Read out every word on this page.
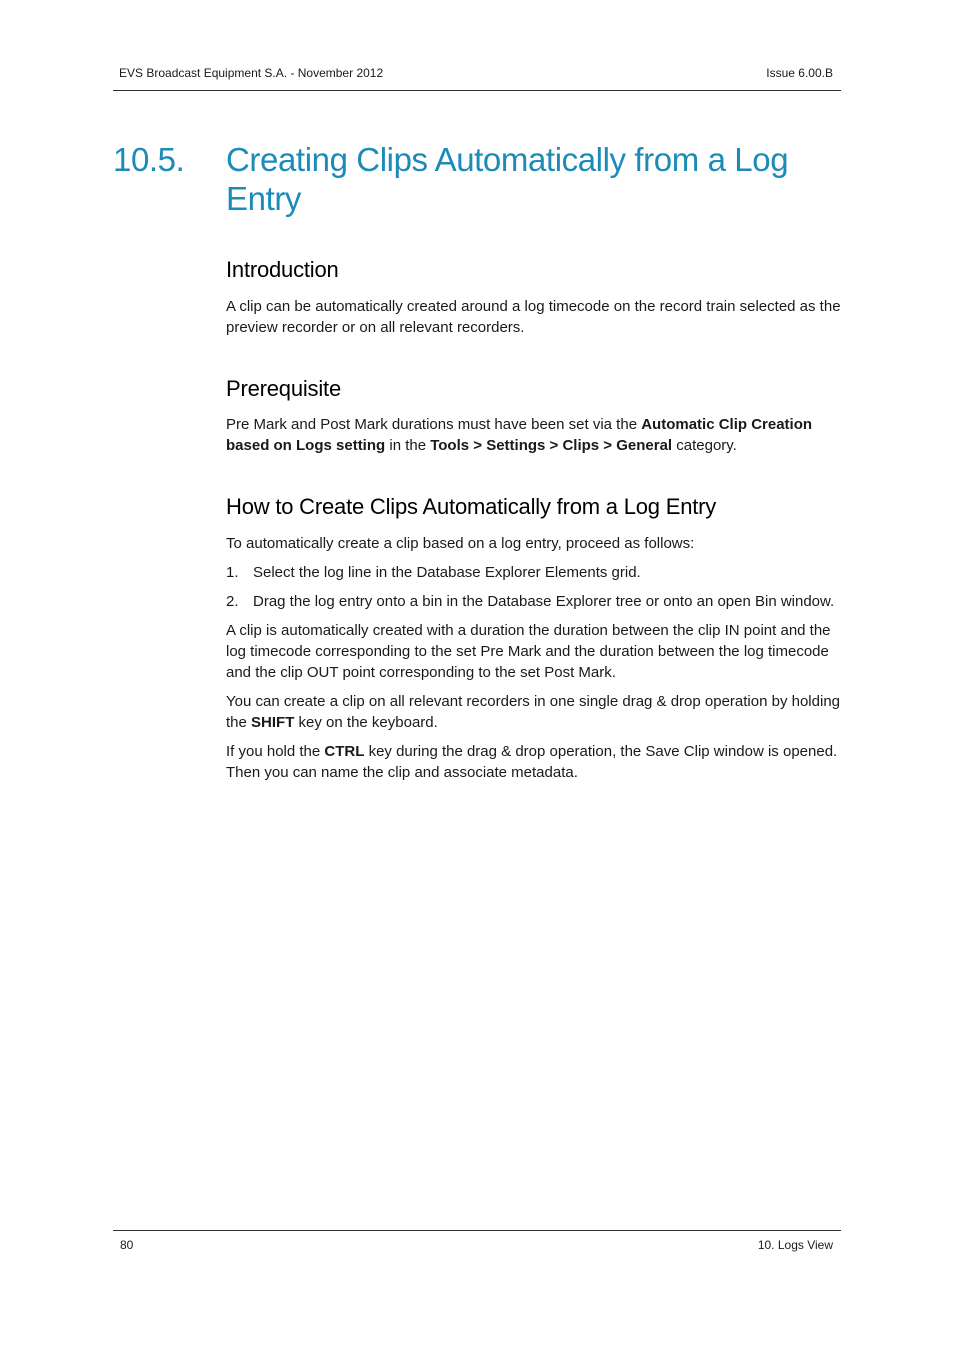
EVS Broadcast Equipment S.A. - November 2012	Issue 6.00.B
10.5. Creating Clips Automatically from a Log Entry
Introduction

A clip can be automatically created around a log timecode on the record train selected as the preview recorder or on all relevant recorders.

Prerequisite

Pre Mark and Post Mark durations must have been set via the Automatic Clip Creation based on Logs setting in the Tools > Settings > Clips > General category.

How to Create Clips Automatically from a Log Entry

To automatically create a clip based on a log entry, proceed as follows:

1. Select the log line in the Database Explorer Elements grid.
2. Drag the log entry onto a bin in the Database Explorer tree or onto an open Bin window.

A clip is automatically created with a duration the duration between the clip IN point and the log timecode corresponding to the set Pre Mark and the duration between the log timecode and the clip OUT point corresponding to the set Post Mark.

You can create a clip on all relevant recorders in one single drag & drop operation by holding the SHIFT key on the keyboard.

If you hold the CTRL key during the drag & drop operation, the Save Clip window is opened. Then you can name the clip and associate metadata.

80	10. Logs View
